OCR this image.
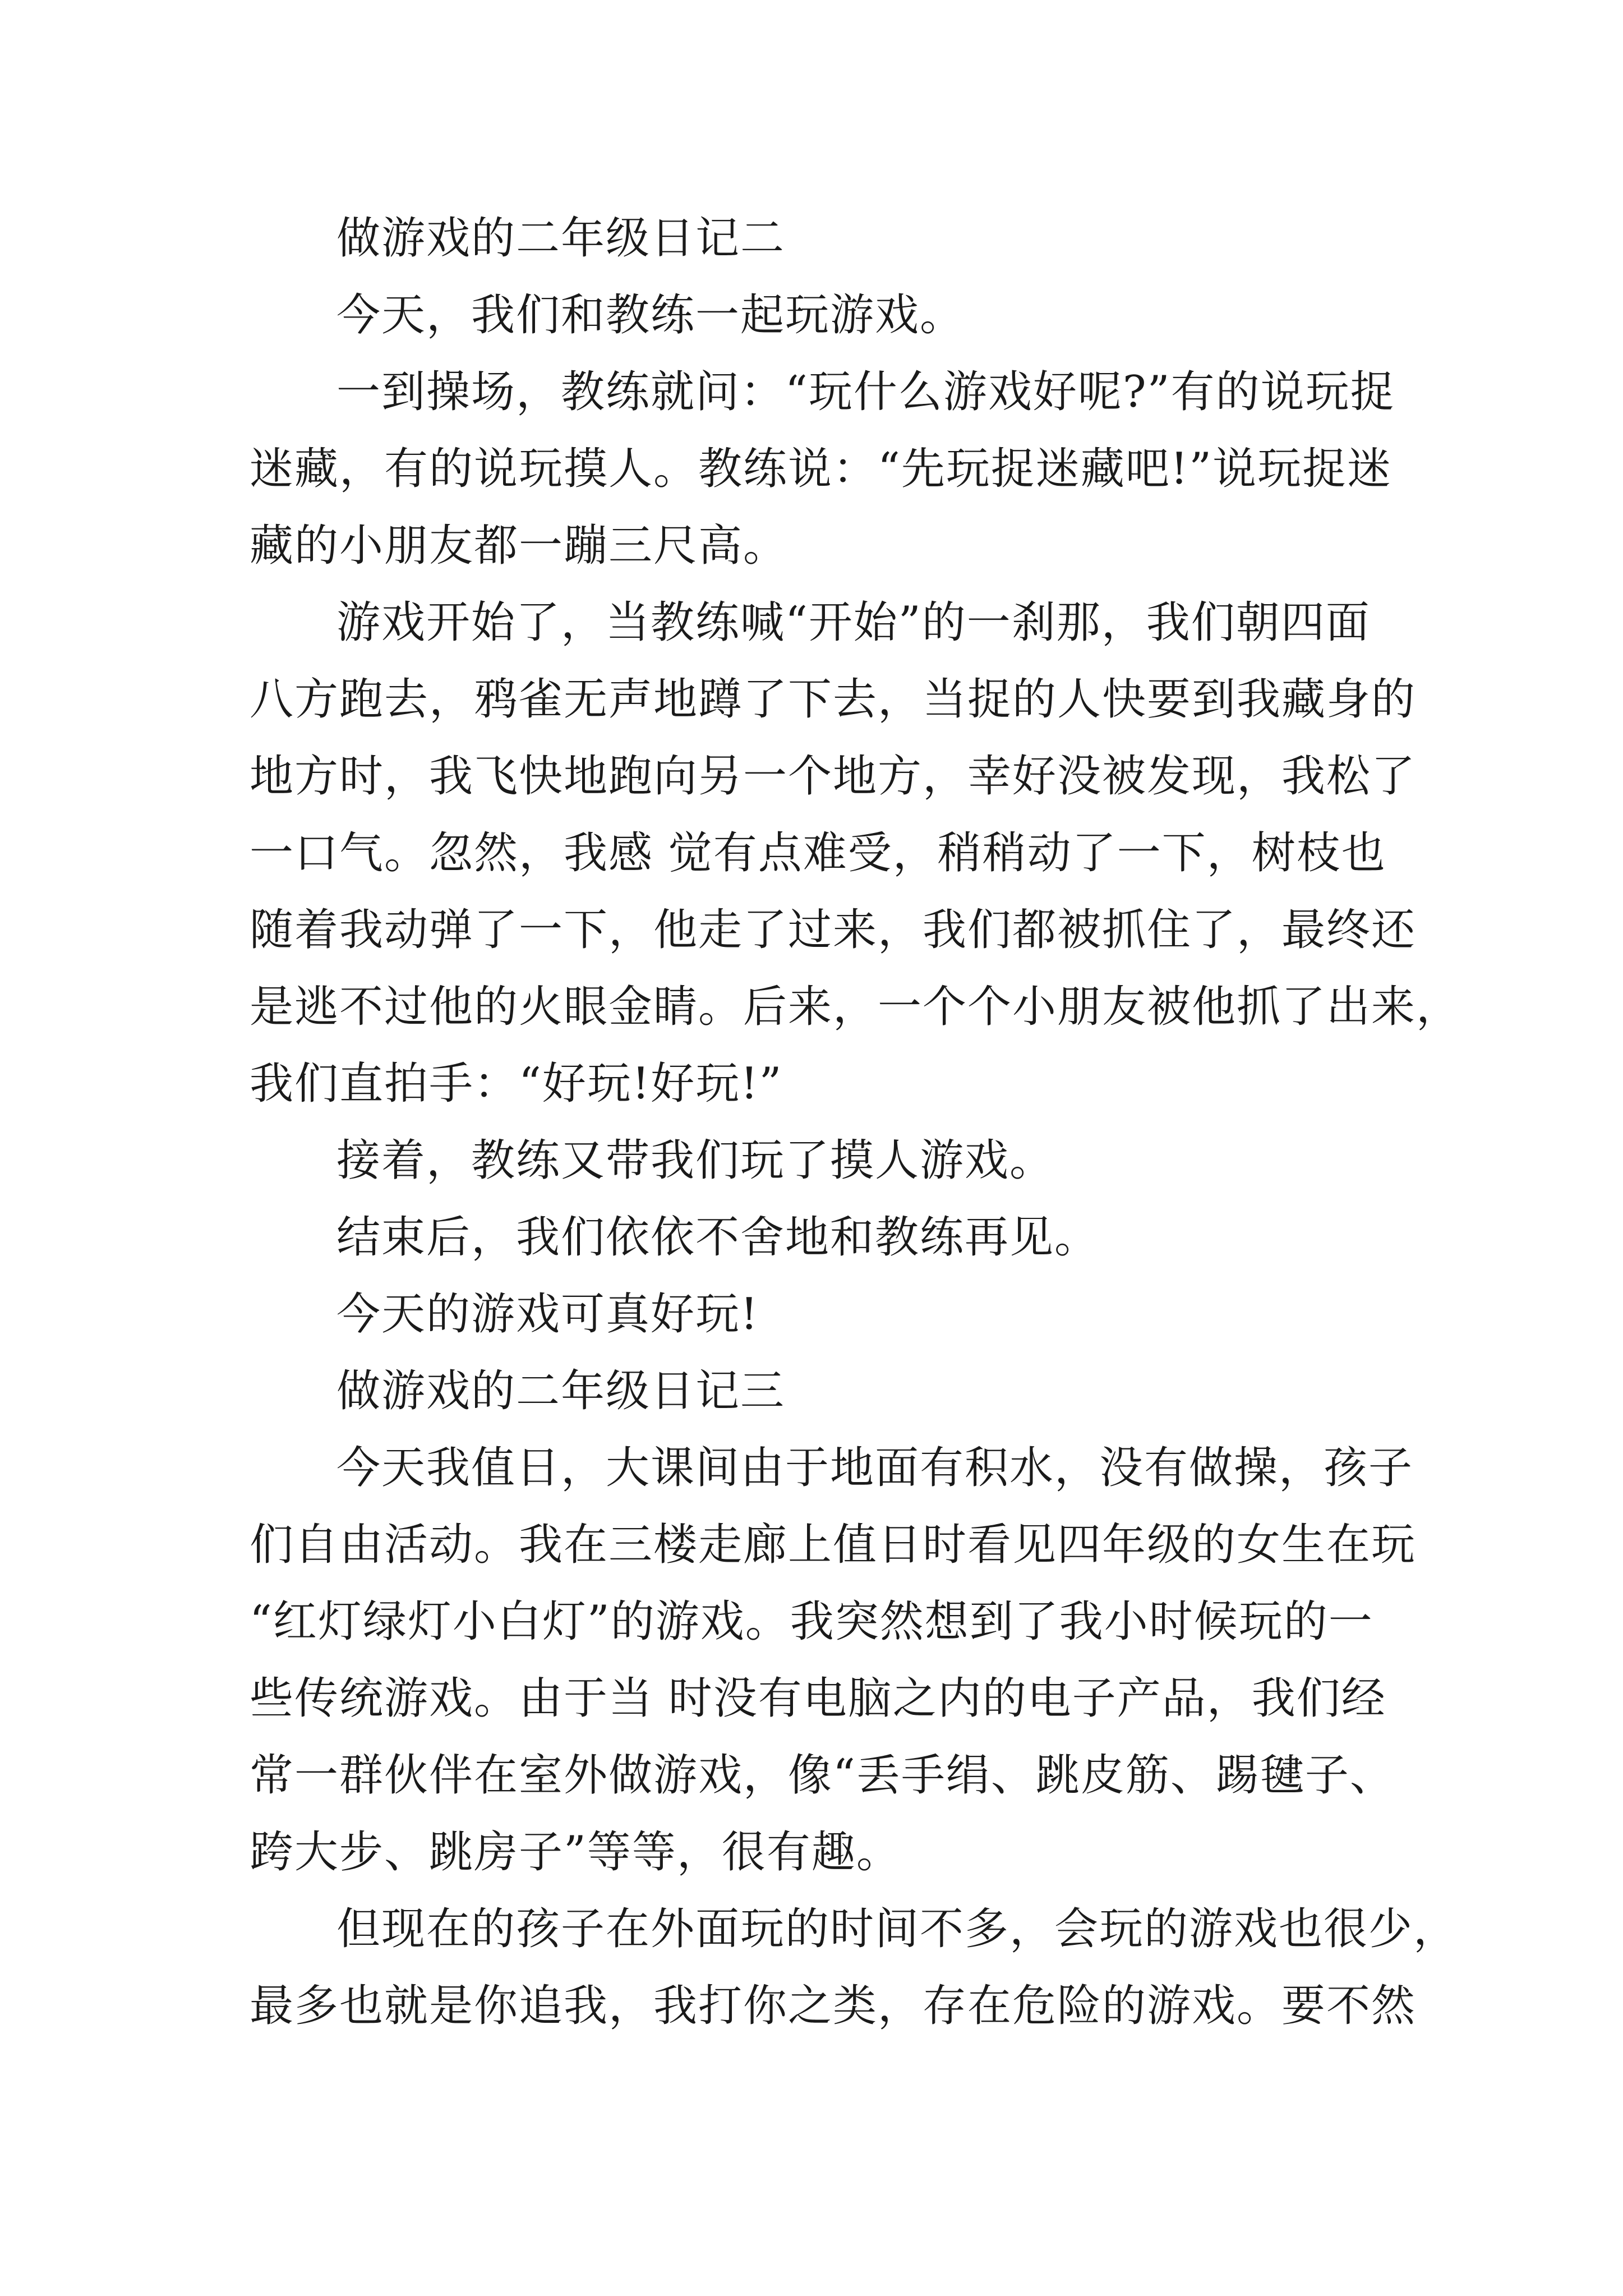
做游戏的二年级日记二
今天，我们和教练一起玩游戏。
一到操场，教练就问：“玩什么游戏好呢?”有的说玩捉
迷藏，有的说玩摸人。教练说：“先玩捉迷藏吧!”说玩捉迷
藏的小朋友都一蹦三尺高。
游戏开始了，当教练喊“开始”的一刹那，我们朝四面
八方跑去，鸦雀无声地蹲了下去，当捉的人快要到我藏身的
地方时，我飞快地跑向另一个地方，幸好没被发现，我松了
一口气。忽然，我感 觉有点难受，稍稍动了一下，树枝也
随着我动弹了一下，他走了过来，我们都被抓住了，最终还
是逃不过他的火眼金睛。后来，一个个小朋友被他抓了出来，
我们直拍手：“好玩!好玩!”
接着，教练又带我们玩了摸人游戏。
结束后，我们依依不舍地和教练再见。
今天的游戏可真好玩!
做游戏的二年级日记三
今天我值日，大课间由于地面有积水，没有做操，孩子
们自由活动。我在三楼走廊上值日时看见四年级的女生在玩
“红灯绿灯小白灯”的游戏。我突然想到了我小时候玩的一
些传统游戏。由于当 时没有电脑之内的电子产品，我们经
常一群伙伴在室外做游戏，像“丢手绢、跳皮筋、踢毽子、
跨大步、跳房子”等等，很有趣。
但现在的孩子在外面玩的时间不多，会玩的游戏也很少，
最多也就是你追我，我打你之类，存在危险的游戏。要不然
